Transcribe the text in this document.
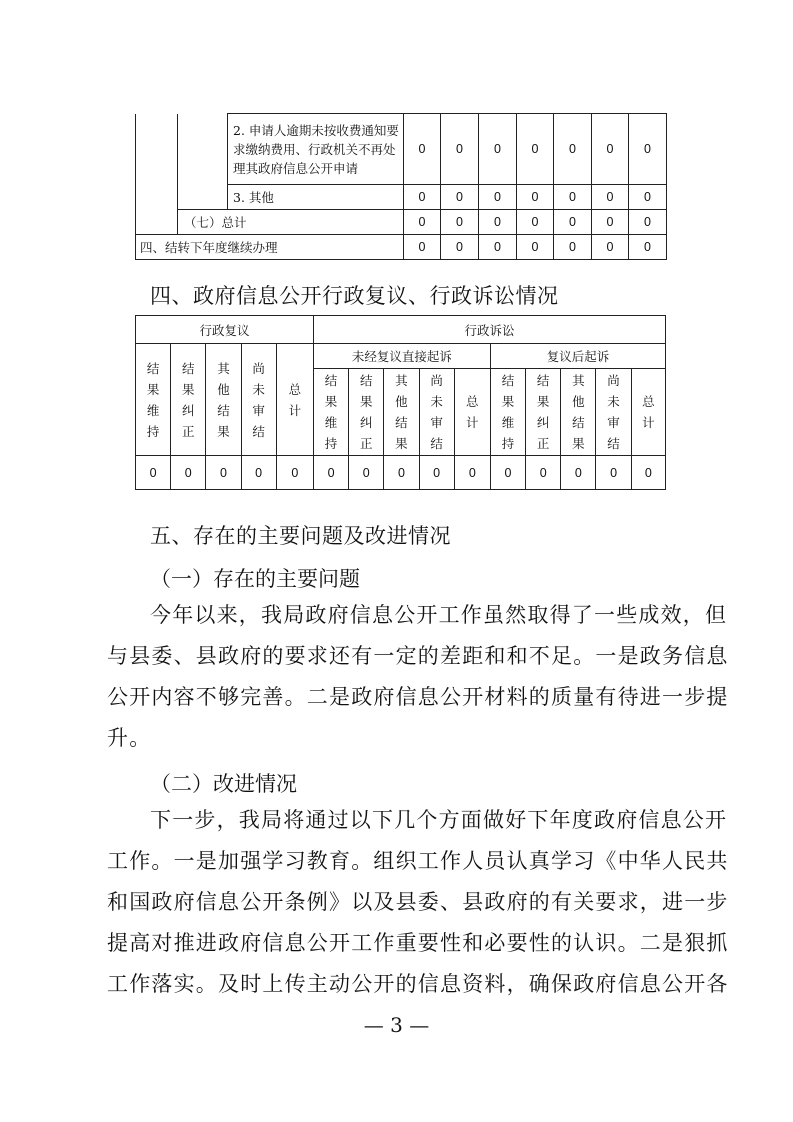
		2. 申请人逾期未按收费通知要求缴纳费用、行政机关不再处理其政府信息公开申请	0	0	0	0	0	0	0
		3. 其他	0	0	0	0	0	0	0
	（七）总计		0	0	0	0	0	0	0
四、结转下年度继续办理			0	0	0	0	0	0	0
四、政府信息公开行政复议、行政诉讼情况
行政复议					行政诉讼									
结果维持	结果纠正	其他结果	尚未审结	总计	未经复议直接起诉					复议后起诉				
					结果维持	结果纠正	其他结果	尚未审结	总计	结果维持	结果纠正	其他结果	尚未审结	总计
0	0	0	0	0	0	0	0	0	0	0	0	0	0	0
五、存在的主要问题及改进情况
（一）存在的主要问题
今年以来，我局政府信息公开工作虽然取得了一些成效，但
与县委、县政府的要求还有一定的差距和和不足。一是政务信息
公开内容不够完善。二是政府信息公开材料的质量有待进一步提
升。
（二）改进情况
下一步，我局将通过以下几个方面做好下年度政府信息公开
工作。一是加强学习教育。组织工作人员认真学习《中华人民共
和国政府信息公开条例》以及县委、县政府的有关要求，进一步
提高对推进政府信息公开工作重要性和必要性的认识。二是狠抓
工作落实。及时上传主动公开的信息资料，确保政府信息公开各
— 3 —
